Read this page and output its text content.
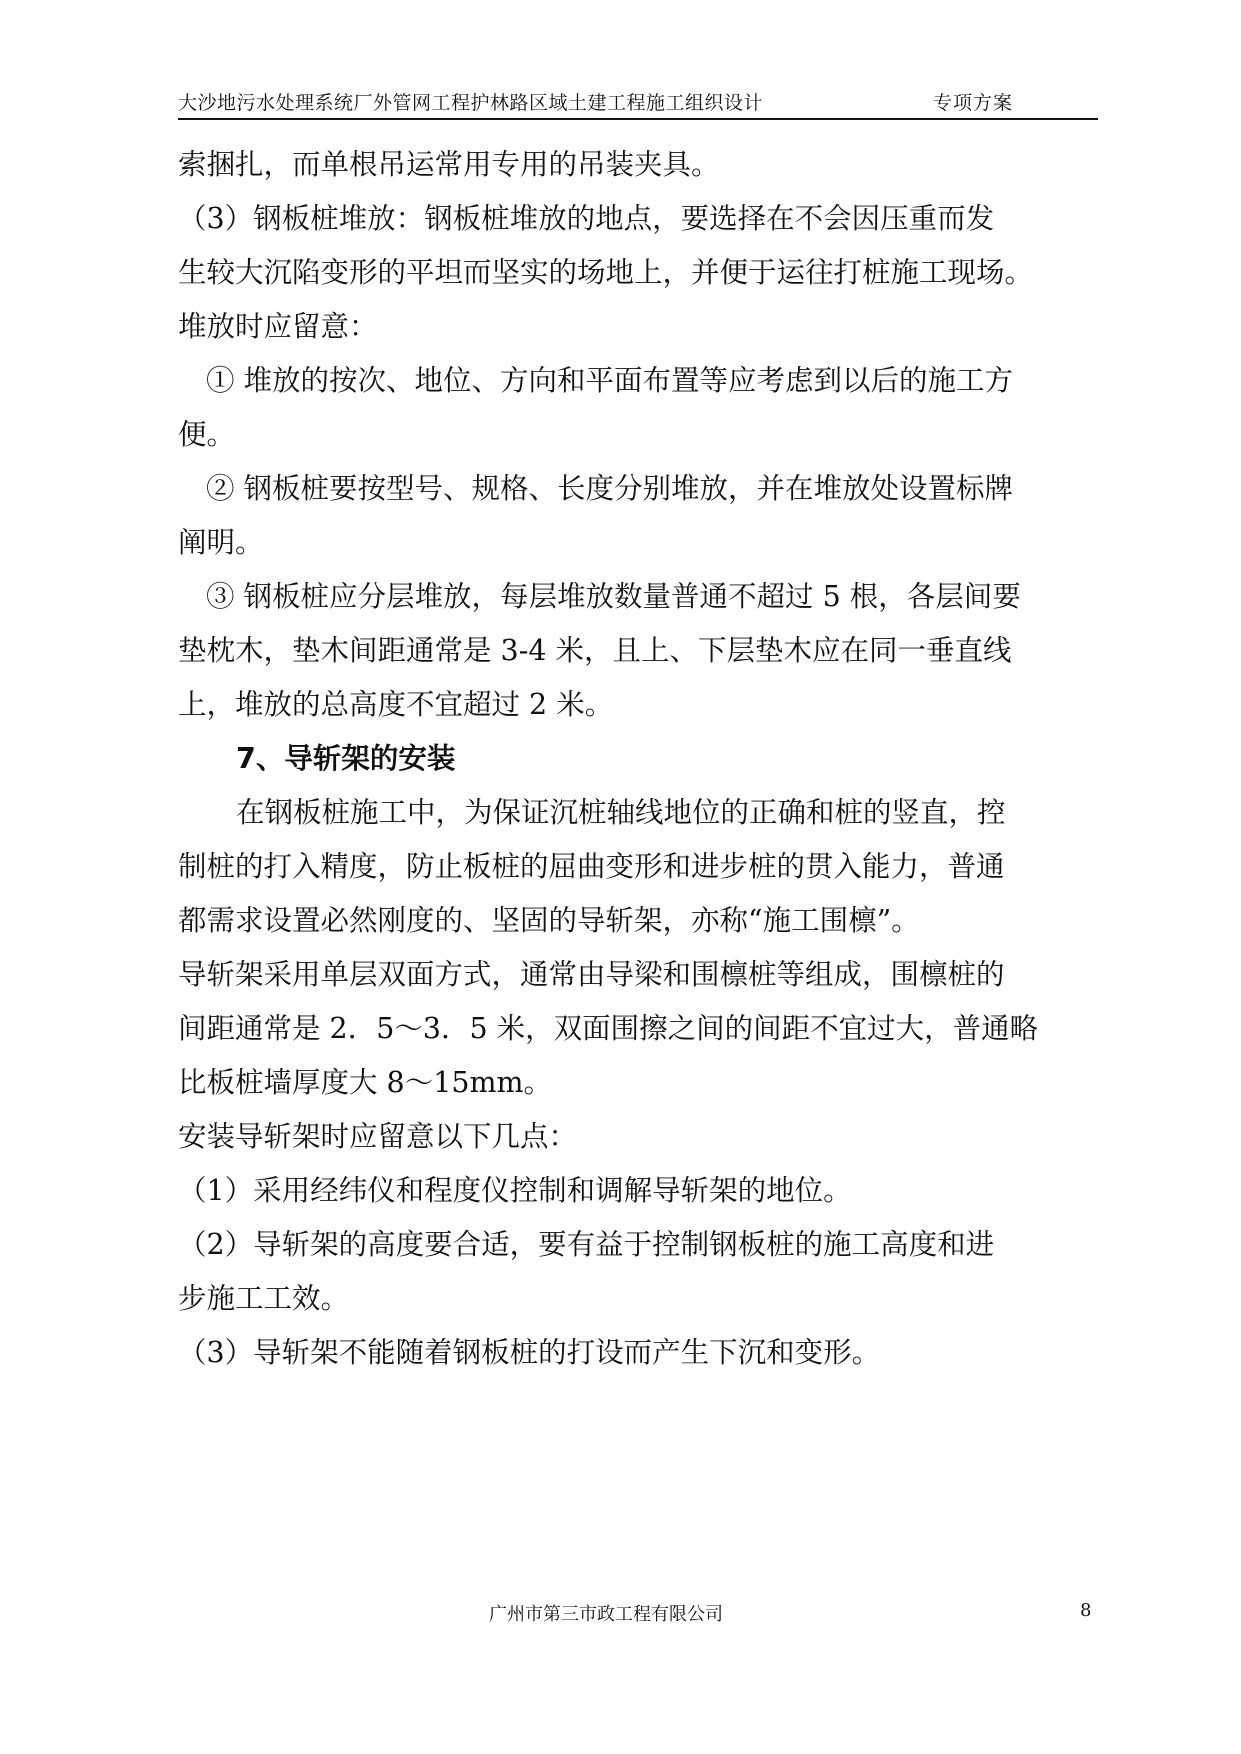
大沙地污水处理系统厂外管网工程护林路区域土建工程施工组织设计	专项方案
索捆扎，而单根吊运常用专用的吊装夹具。
（3）钢板桩堆放：钢板桩堆放的地点，要选择在不会因压重而发
生较大沉陷变形的平坦而坚实的场地上，并便于运往打桩施工现场。
堆放时应留意：
① 堆放的按次、地位、方向和平面布置等应考虑到以后的施工方
便。
② 钢板桩要按型号、规格、长度分别堆放，并在堆放处设置标牌
阐明。
③ 钢板桩应分层堆放，每层堆放数量普通不超过 5 根，各层间要
垫枕木，垫木间距通常是 3-4 米，且上、下层垫木应在同一垂直线
上，堆放的总高度不宜超过 2 米。
7、导斩架的安装
在钢板桩施工中，为保证沉桩轴线地位的正确和桩的竖直，控
制桩的打入精度，防止板桩的屈曲变形和进步桩的贯入能力，普通
都需求设置必然刚度的、坚固的导斩架，亦称“施工围檩”。
导斩架采用单层双面方式，通常由导梁和围檩桩等组成，围檩桩的
间距通常是 2．5～3．5 米，双面围擦之间的间距不宜过大，普通略
比板桩墙厚度大 8～15mm。
安装导斩架时应留意以下几点：
（1）采用经纬仪和程度仪控制和调解导斩架的地位。
（2）导斩架的高度要合适，要有益于控制钢板桩的施工高度和进
步施工工效。
（3）导斩架不能随着钢板桩的打设而产生下沉和变形。
广州市第三市政工程有限公司	8
